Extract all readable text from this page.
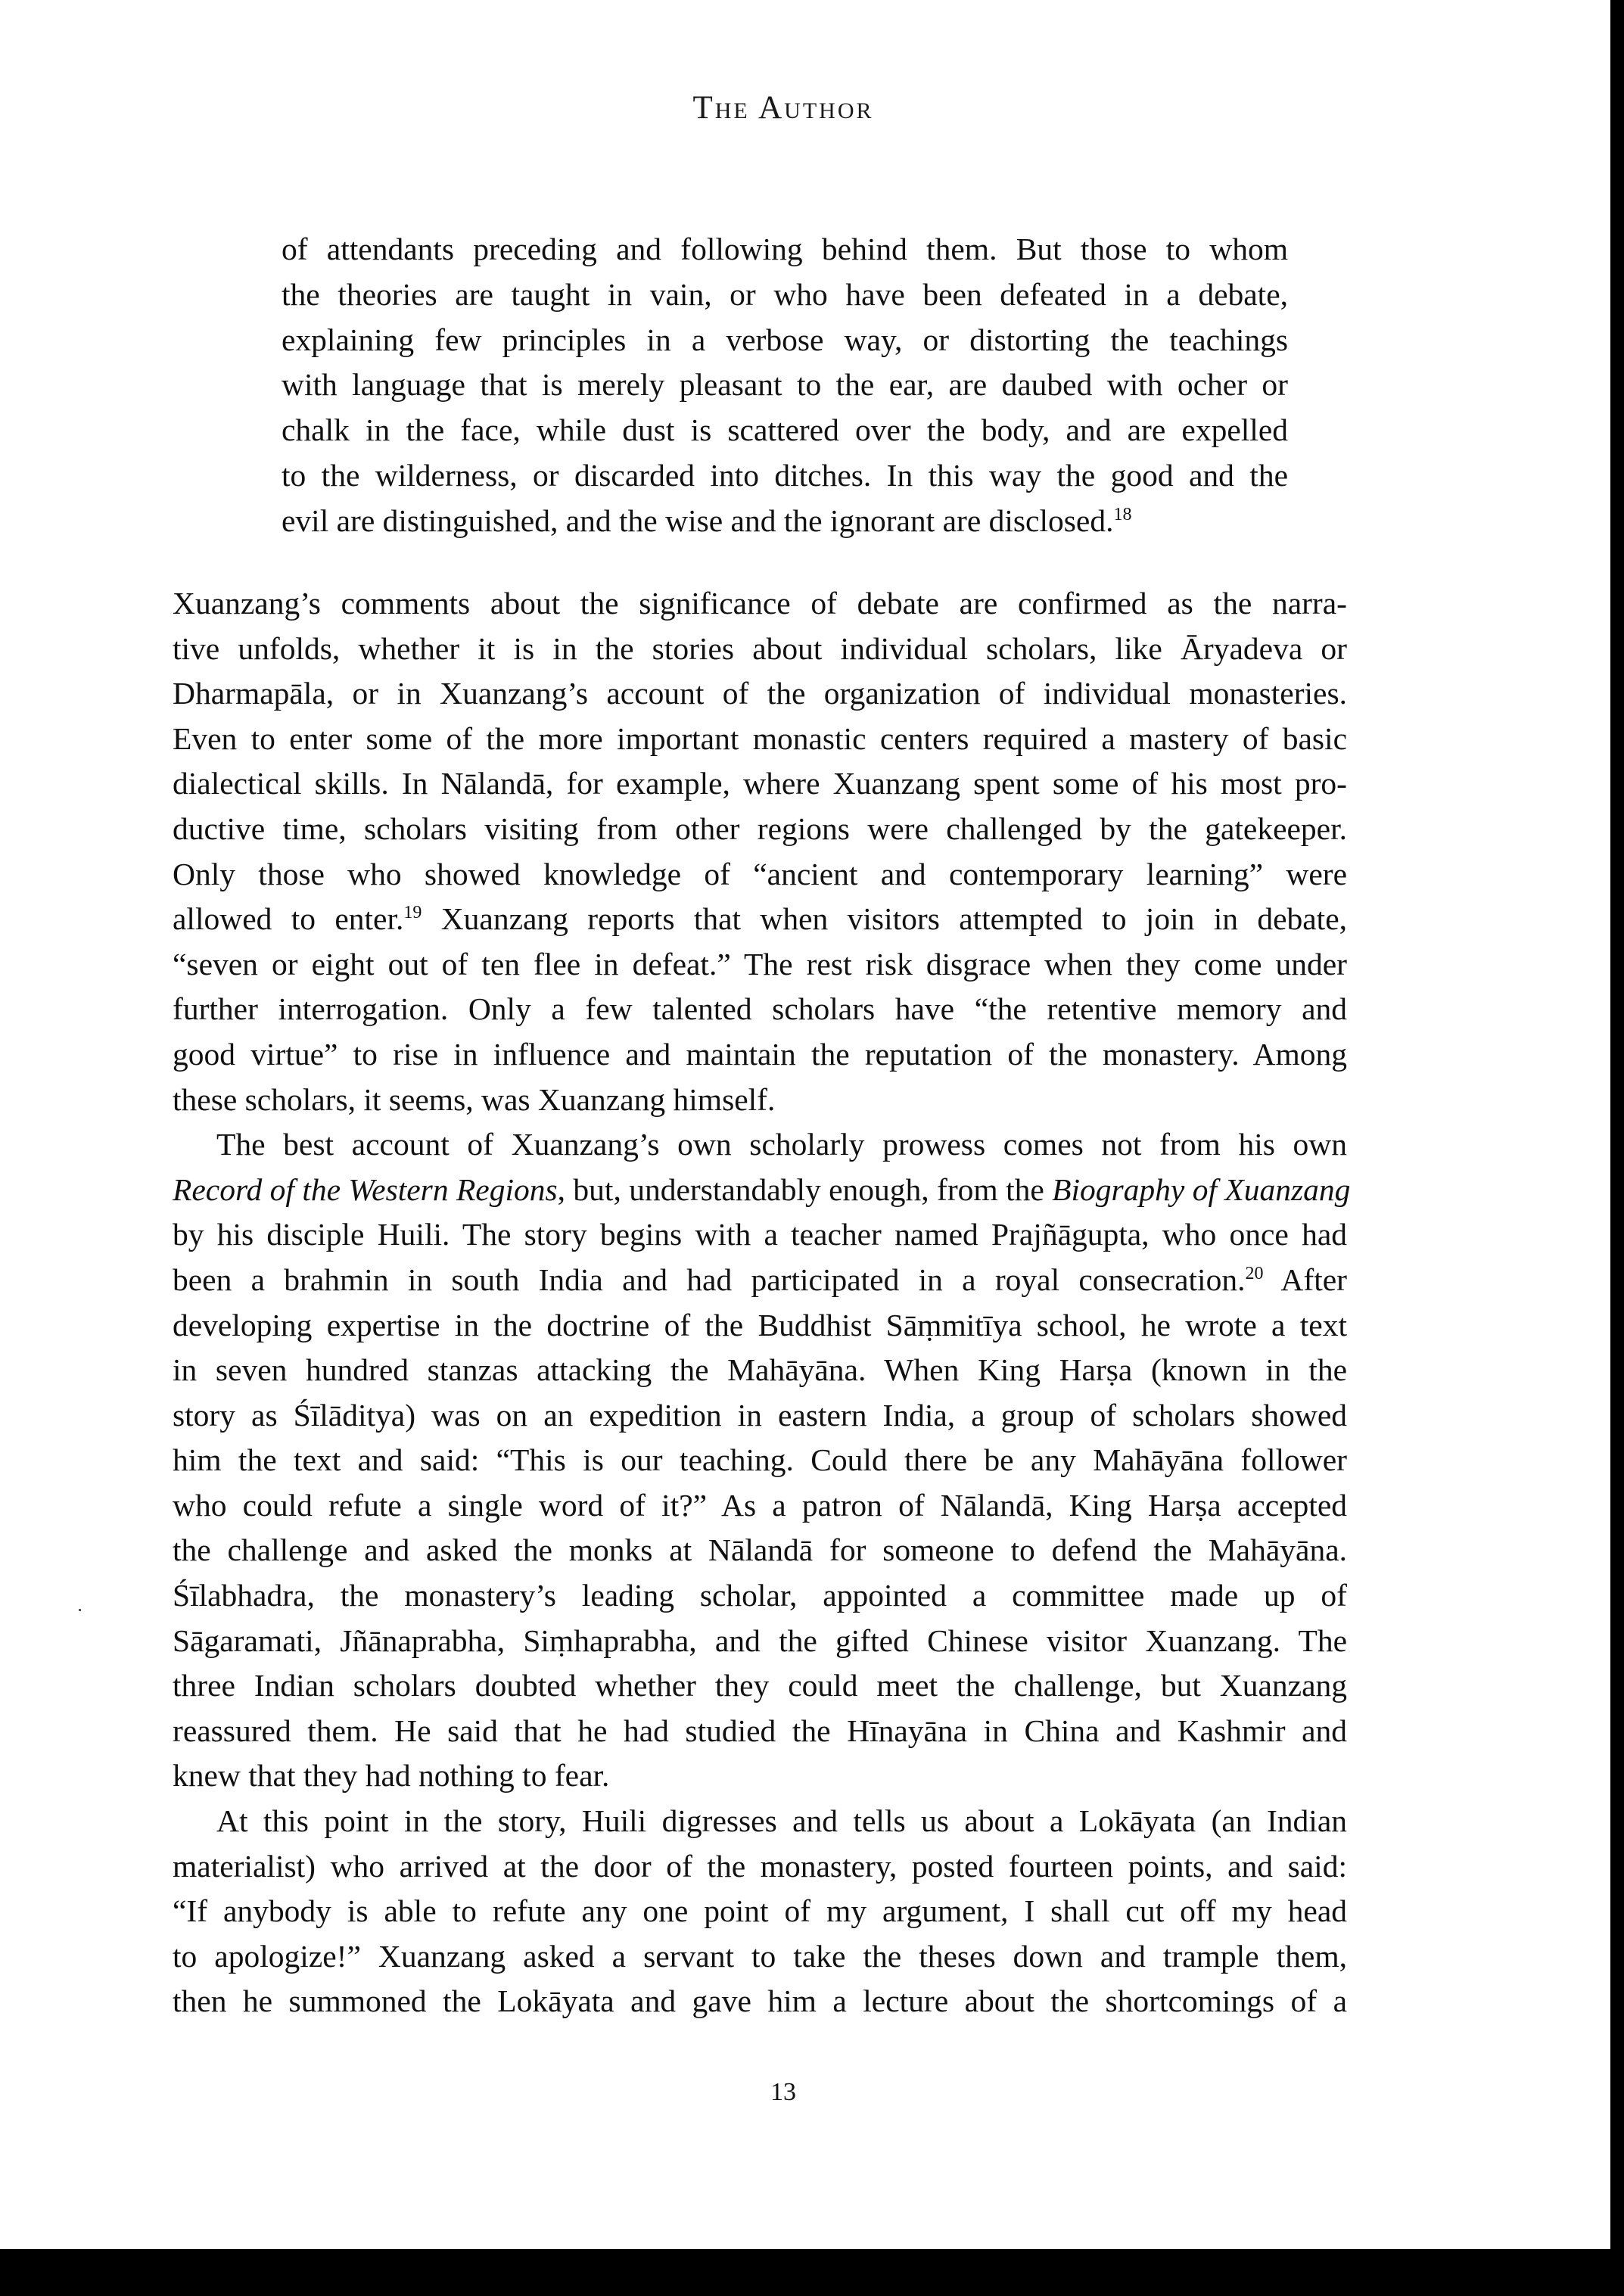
The Author
of attendants preceding and following behind them. But those to whom
the theories are taught in vain, or who have been defeated in a debate,
explaining few principles in a verbose way, or distorting the teachings
with language that is merely pleasant to the ear, are daubed with ocher or
chalk in the face, while dust is scattered over the body, and are expelled
to the wilderness, or discarded into ditches. In this way the good and the
evil are distinguished, and the wise and the ignorant are disclosed.$^{18}$
Xuanzang’s comments about the significance of debate are confirmed as the narra-
tive unfolds, whether it is in the stories about individual scholars, like Āryadeva or
Dharmapāla, or in Xuanzang’s account of the organization of individual monasteries.
Even to enter some of the more important monastic centers required a mastery of basic
dialectical skills. In Nālandā, for example, where Xuanzang spent some of his most pro-
ductive time, scholars visiting from other regions were challenged by the gatekeeper.
Only those who showed knowledge of “ancient and contemporary learning” were
allowed to enter.$^{19}$ Xuanzang reports that when visitors attempted to join in debate,
“seven or eight out of ten flee in defeat.” The rest risk disgrace when they come under
further interrogation. Only a few talented scholars have “the retentive memory and
good virtue” to rise in influence and maintain the reputation of the monastery. Among
these scholars, it seems, was Xuanzang himself.
The best account of Xuanzang’s own scholarly prowess comes not from his own
Record of the Western Regions, but, understandably enough, from the Biography of Xuanzang
by his disciple Huili. The story begins with a teacher named Prajñāgupta, who once had
been a brahmin in south India and had participated in a royal consecration.$^{20}$ After
developing expertise in the doctrine of the Buddhist Sāṃmitīya school, he wrote a text
in seven hundred stanzas attacking the Mahāyāna. When King Harṣa (known in the
story as Śīlāditya) was on an expedition in eastern India, a group of scholars showed
him the text and said: “This is our teaching. Could there be any Mahāyāna follower
who could refute a single word of it?” As a patron of Nālandā, King Harṣa accepted
the challenge and asked the monks at Nālandā for someone to defend the Mahāyāna.
Śīlabhadra, the monastery’s leading scholar, appointed a committee made up of
Sāgaramati, Jñānaprabha, Siṃhaprabha, and the gifted Chinese visitor Xuanzang. The
three Indian scholars doubted whether they could meet the challenge, but Xuanzang
reassured them. He said that he had studied the Hīnayāna in China and Kashmir and
knew that they had nothing to fear.
At this point in the story, Huili digresses and tells us about a Lokāyata (an Indian
materialist) who arrived at the door of the monastery, posted fourteen points, and said:
“If anybody is able to refute any one point of my argument, I shall cut off my head
to apologize!” Xuanzang asked a servant to take the theses down and trample them,
then he summoned the Lokāyata and gave him a lecture about the shortcomings of a
13
